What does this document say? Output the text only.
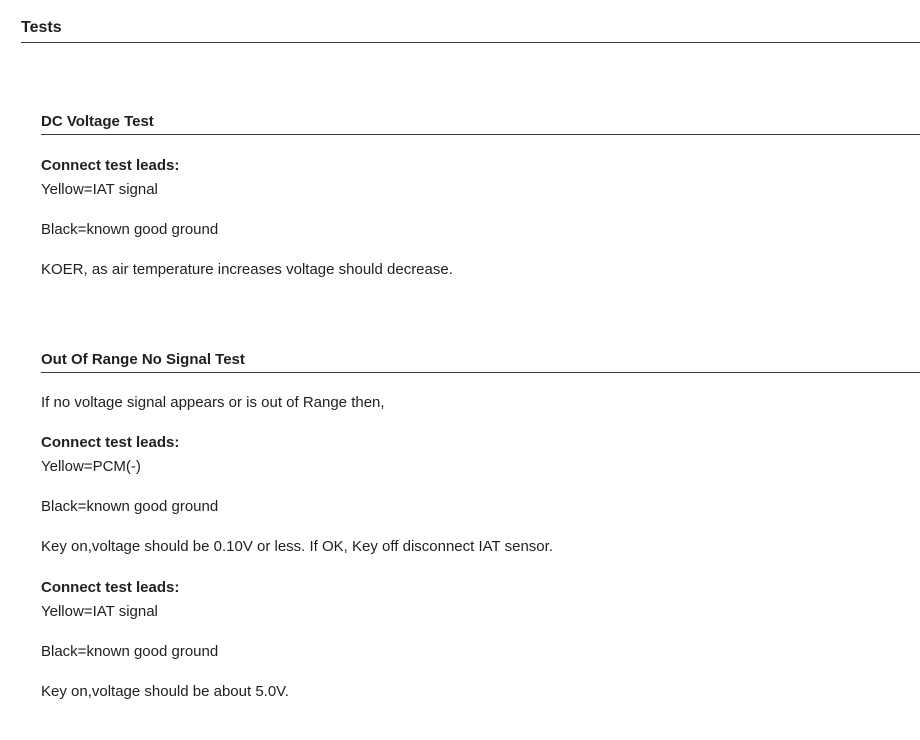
Tests
DC Voltage Test
Connect test leads:
Yellow=IAT signal
Black=known good ground
KOER, as air temperature increases voltage should decrease.
Out Of Range No Signal Test
If no voltage signal appears or is out of Range then,
Connect test leads:
Yellow=PCM(-)
Black=known good ground
Key on,voltage should be 0.10V or less. If OK, Key off disconnect IAT sensor.
Connect test leads:
Yellow=IAT signal
Black=known good ground
Key on,voltage should be about 5.0V.
